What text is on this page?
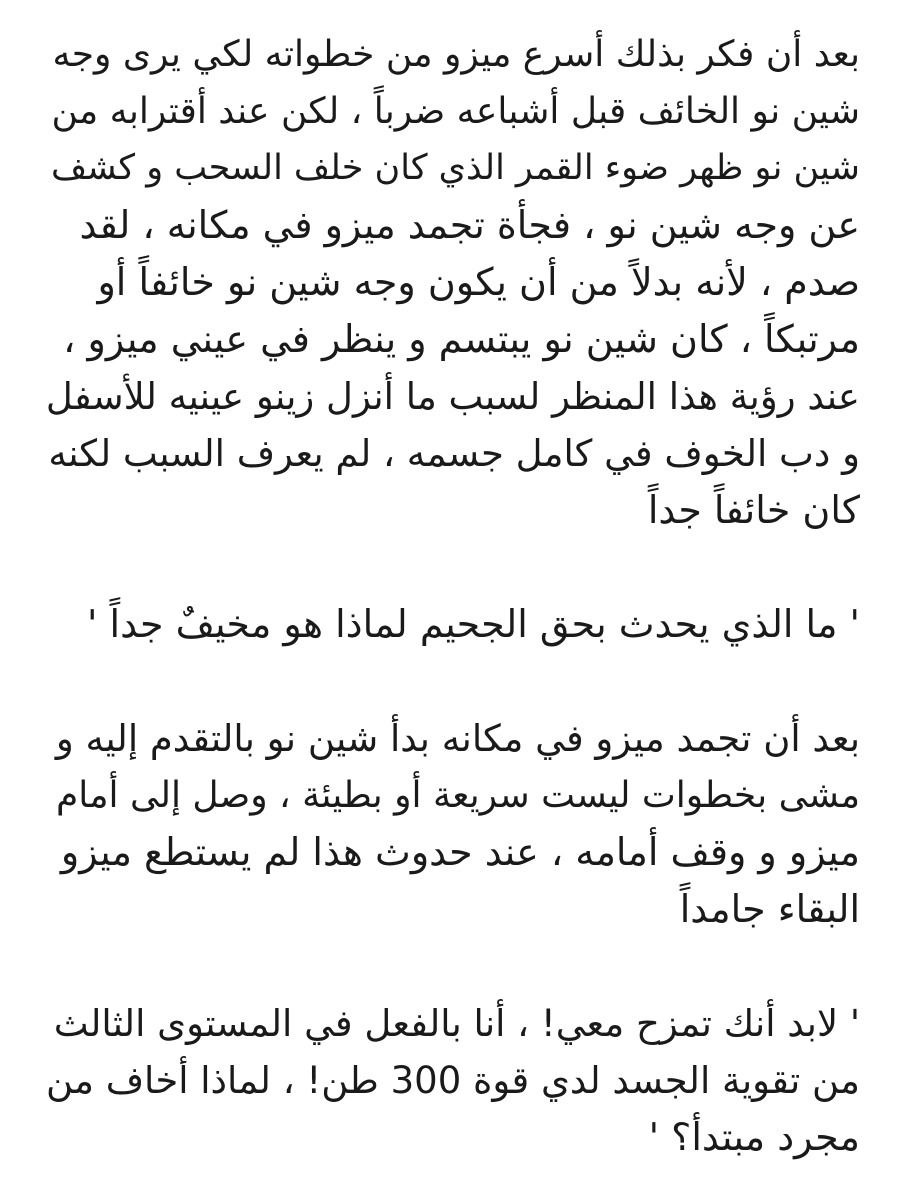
بعد أن فكر بذلك أسرع ميزو من خطواته لكي يرى وجه
شين نو الخائف قبل أشباعه ضرباً ، لكن عند أقترابه من
شين نو ظهر ضوء القمر الذي كان خلف السحب و كشف
عن وجه شين نو ، فجأة تجمد ميزو في مكانه ، لقد
صدم ، لأنه بدلاً من أن يكون وجه شين نو خائفاً أو
مرتبكاً ، كان شين نو يبتسم و ينظر في عيني ميزو ،
عند رؤية هذا المنظر لسبب ما أنزل زينو عينيه للأسفل
و دب الخوف في كامل جسمه ، لم يعرف السبب لكنه
كان خائفاً جداً

' ما الذي يحدث بحق الجحيم لماذا هو مخيفٌ جداً '

بعد أن تجمد ميزو في مكانه بدأ شين نو بالتقدم إليه و
مشى بخطوات ليست سريعة أو بطيئة ، وصل إلى أمام
ميزو و وقف أمامه ، عند حدوث هذا لم يستطع ميزو
البقاء جامداً

' لابد أنك تمزح معي! ، أنا بالفعل في المستوى الثالث
من تقوية الجسد لدي قوة 300 طن! ، لماذا أخاف من
مجرد مبتدأ؟ '
